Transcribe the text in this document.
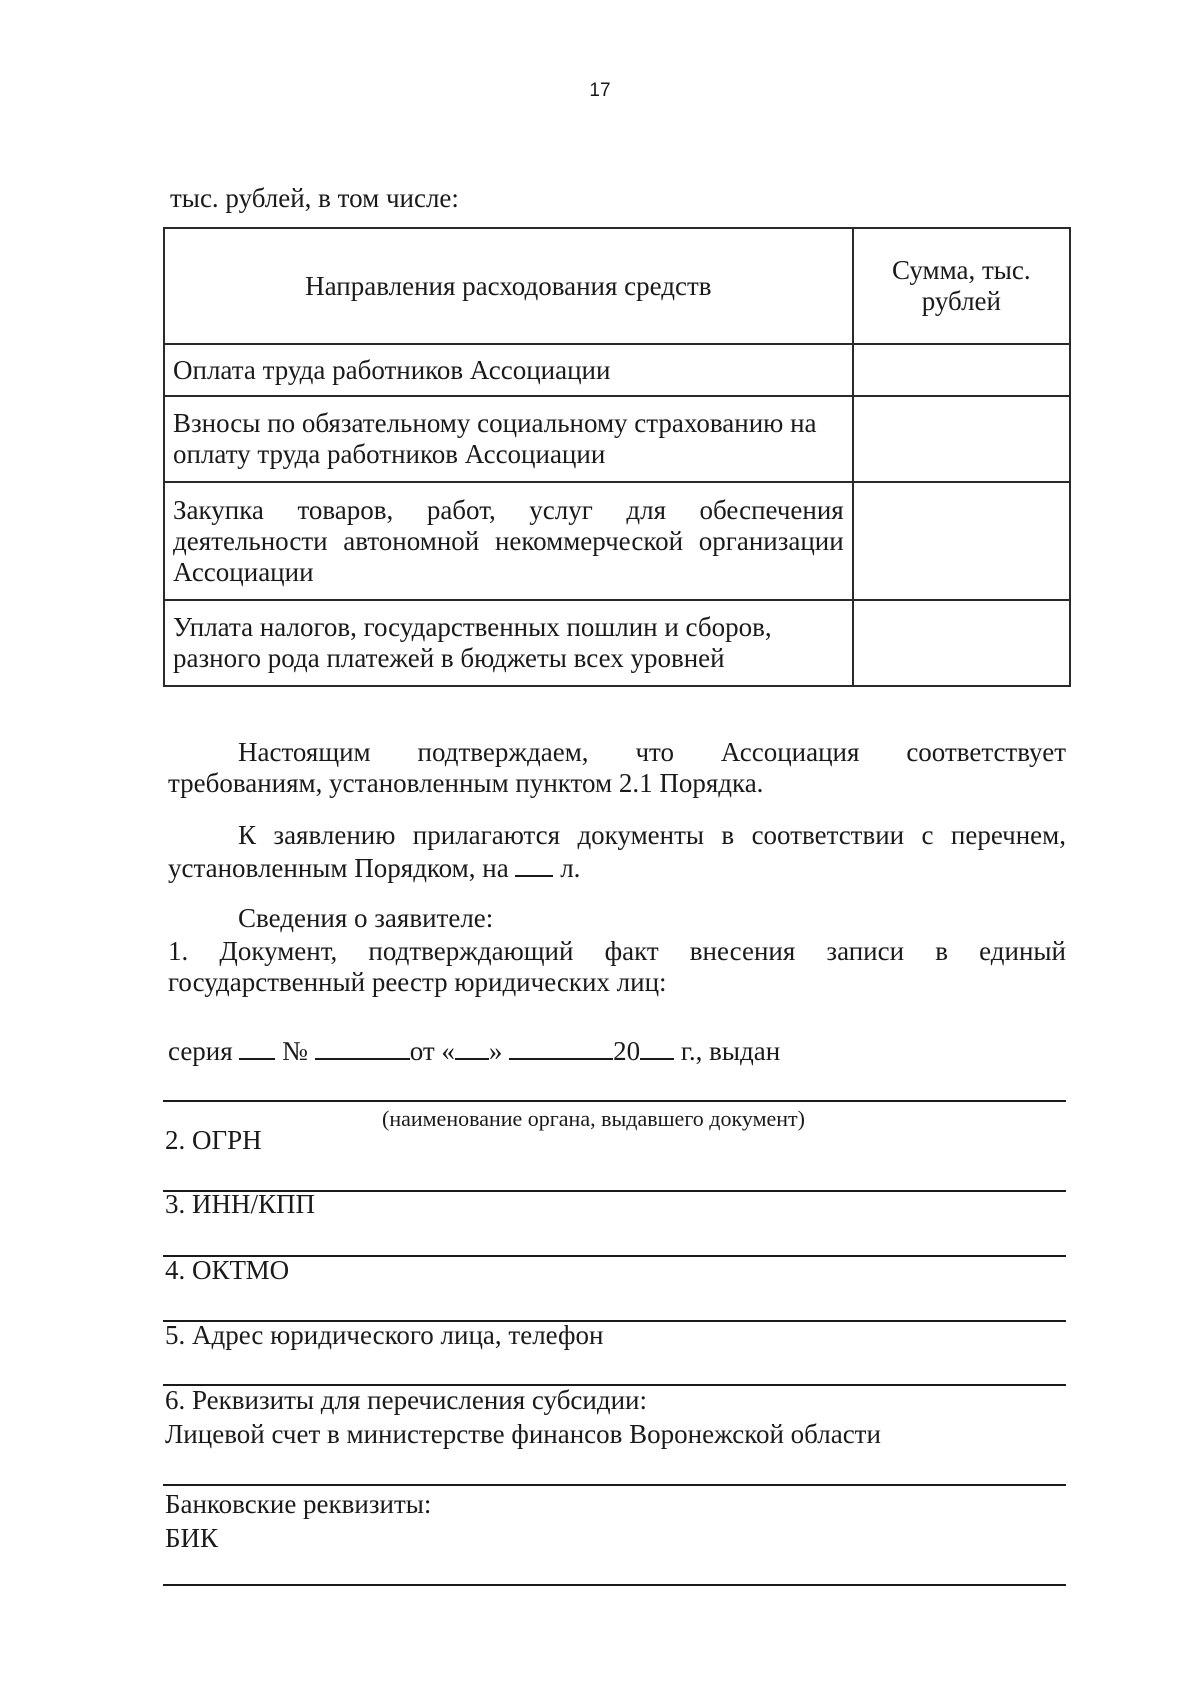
17
тыс. рублей, в том числе:
Направления расходования средств	Сумма, тыс. рублей
Оплата труда работников Ассоциации	
Взносы по обязательному социальному страхованию на оплату труда работников Ассоциации	
Закупка товаров, работ, услуг для обеспечения деятельности автономной некоммерческой организации Ассоциации	
Уплата налогов, государственных пошлин и сборов, разного рода платежей в бюджеты всех уровней	
Настоящим подтверждаем, что Ассоциация соответствует требованиям, установленным пунктом 2.1 Порядка.
К заявлению прилагаются документы в соответствии с перечнем, установленным Порядком, на л.
Сведения о заявителе:
1. Документ, подтверждающий факт внесения записи в единый государственный реестр юридических лиц:
серия №	от « »	20 г., выдан
(наименование органа, выдавшего документ)
2. ОГРН
3. ИНН/КПП
4. ОКТМО
5. Адрес юридического лица, телефон
6. Реквизиты для перечисления субсидии:
Лицевой счет в министерстве финансов Воронежской области
Банковские реквизиты:
БИК
